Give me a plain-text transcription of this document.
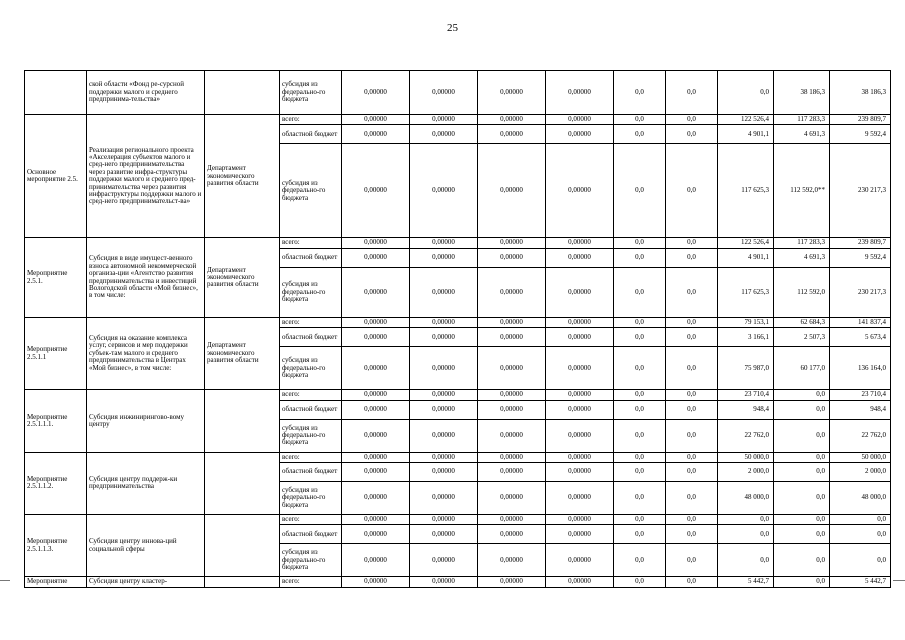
25
	ской области «Фонд ре-сурсной поддержки малого и среднего предпринима-тельства»		субсидия из федерально-го бюджета	0,00000	0,00000	0,00000	0,00000	0,0	0,0	0,0	38 186,3	38 186,3
Основное мероприятие 2.5.	Реализация регионального проекта «Акселерация субъектов малого и сред-него предпринимательства через развитие инфра-структуры поддержки малого и среднего пред-принимательства через развития инфраструктуры поддержки малого и сред-него предпринимательст-ва»	Департамент экономического развития области	всего:	0,00000	0,00000	0,00000	0,00000	0,0	0,0	122 526,4	117 283,3	239 809,7
			областной бюджет	0,00000	0,00000	0,00000	0,00000	0,0	0,0	4 901,1	4 691,3	9 592,4
			субсидия из федерально-го бюджета	0,00000	0,00000	0,00000	0,00000	0,0	0,0	117 625,3	112 592,0**	230 217,3
Мероприятие 2.5.1.	Субсидия в виде имущест-венного взноса автономной некоммерческой организа-ции «Агентство развития предпринимательства и инвестиций Вологодской области «Мой бизнес», в том числе:	Департамент экономического развития области	всего:	0,00000	0,00000	0,00000	0,00000	0,0	0,0	122 526,4	117 283,3	239 809,7
			областной бюджет	0,00000	0,00000	0,00000	0,00000	0,0	0,0	4 901,1	4 691,3	9 592,4
			субсидия из федерально-го бюджета	0,00000	0,00000	0,00000	0,00000	0,0	0,0	117 625,3	112 592,0	230 217,3
Мероприятие 2.5.1.1	Субсидия на оказание комплекса услуг, сервисов и мер поддержки субъек-там малого и среднего предпринимательства в Центрах «Мой бизнес», в том числе:	Департамент экономического развития области	всего:	0,00000	0,00000	0,00000	0,00000	0,0	0,0	79 153,1	62 684,3	141 837,4
			областной бюджет	0,00000	0,00000	0,00000	0,00000	0,0	0,0	3 166,1	2 507,3	5 673,4
			субсидия из федерально-го бюджета	0,00000	0,00000	0,00000	0,00000	0,0	0,0	75 987,0	60 177,0	136 164,0
Мероприятие 2.5.1.1.1.	Субсидия инжинирингово-вому центру		всего:	0,00000	0,00000	0,00000	0,00000	0,0	0,0	23 710,4	0,0	23 710,4
			областной бюджет	0,00000	0,00000	0,00000	0,00000	0,0	0,0	948,4	0,0	948,4
			субсидия из федерально-го бюджета	0,00000	0,00000	0,00000	0,00000	0,0	0,0	22 762,0	0,0	22 762,0
Мероприятие 2.5.1.1.2.	Субсидия центру поддерж-ки предпринимательства		всего:	0,00000	0,00000	0,00000	0,00000	0,0	0,0	50 000,0	0,0	50 000,0
			областной бюджет	0,00000	0,00000	0,00000	0,00000	0,0	0,0	2 000,0	0,0	2 000,0
			субсидия из федерально-го бюджета	0,00000	0,00000	0,00000	0,00000	0,0	0,0	48 000,0	0,0	48 000,0
Мероприятие 2.5.1.1.3.	Субсидия центру иннова-ций социальной сферы		всего:	0,00000	0,00000	0,00000	0,00000	0,0	0,0	0,0	0,0	0,0
			областной бюджет	0,00000	0,00000	0,00000	0,00000	0,0	0,0	0,0	0,0	0,0
			субсидия из федерально-го бюджета	0,00000	0,00000	0,00000	0,00000	0,0	0,0	0,0	0,0	0,0
Мероприятие	Субсидия центру кластер-		всего:	0,00000	0,00000	0,00000	0,00000	0,0	0,0	5 442,7	0,0	5 442,7
